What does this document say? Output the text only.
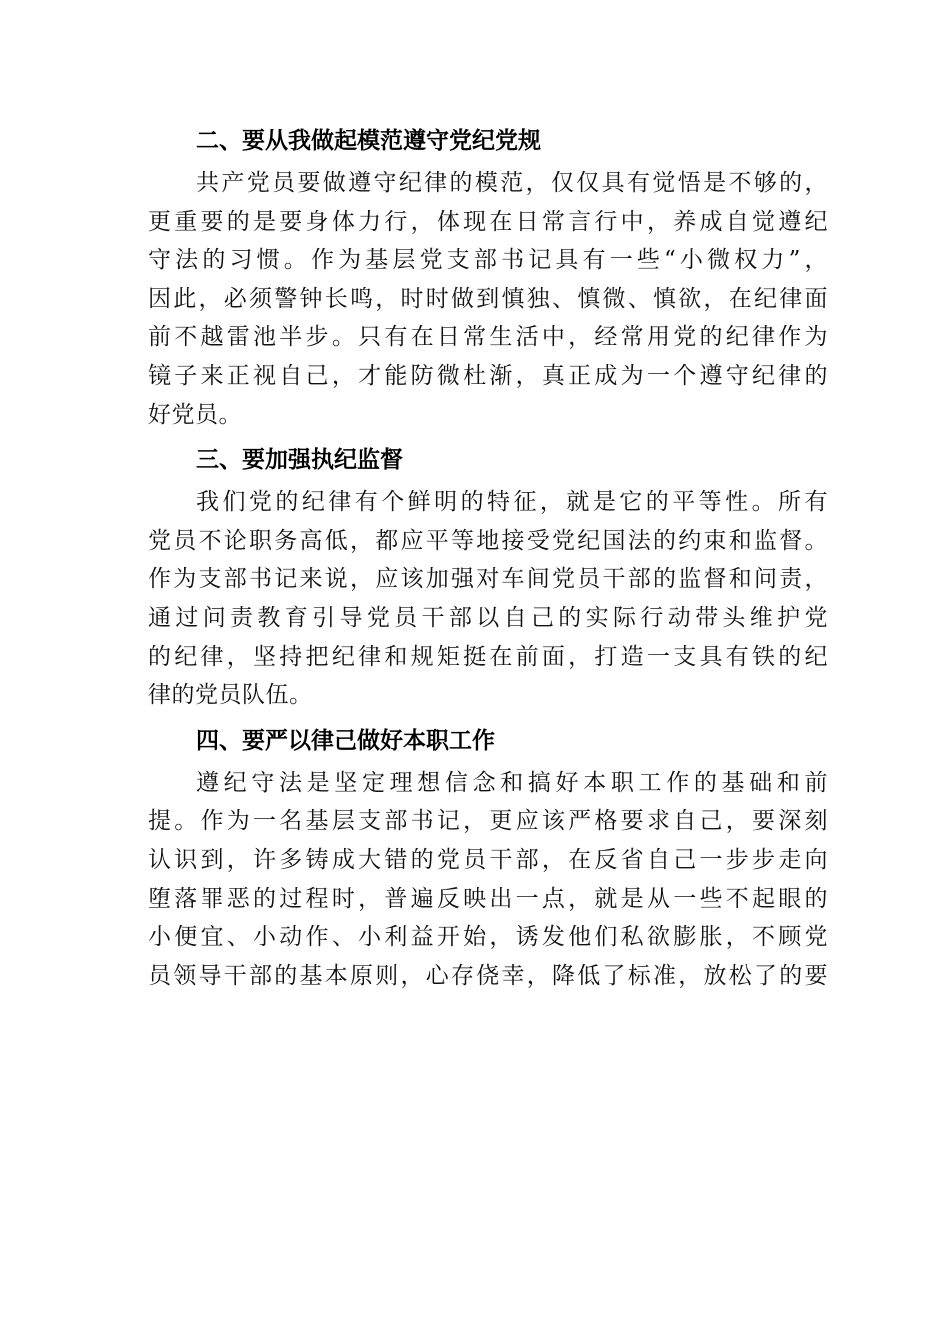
二、要从我做起模范遵守党纪党规
共产党员要做遵守纪律的模范，仅仅具有觉悟是不够的，
更重要的是要身体力行，体现在日常言行中，养成自觉遵纪
守法的习惯。作为基层党支部书记具有一些“小微权力”，
因此，必须警钟长鸣，时时做到慎独、慎微、慎欲，在纪律面
前不越雷池半步。只有在日常生活中，经常用党的纪律作为
镜子来正视自己，才能防微杜渐，真正成为一个遵守纪律的
好党员。
三、要加强执纪监督
我们党的纪律有个鲜明的特征，就是它的平等性。所有
党员不论职务高低，都应平等地接受党纪国法的约束和监督。
作为支部书记来说，应该加强对车间党员干部的监督和问责，
通过问责教育引导党员干部以自己的实际行动带头维护党
的纪律，坚持把纪律和规矩挺在前面，打造一支具有铁的纪
律的党员队伍。
四、要严以律己做好本职工作
遵纪守法是坚定理想信念和搞好本职工作的基础和前
提。作为一名基层支部书记，更应该严格要求自己，要深刻
认识到，许多铸成大错的党员干部，在反省自己一步步走向
堕落罪恶的过程时，普遍反映出一点，就是从一些不起眼的
小便宜、小动作、小利益开始，诱发他们私欲膨胀，不顾党
员领导干部的基本原则，心存侥幸，降低了标准，放松了的要
